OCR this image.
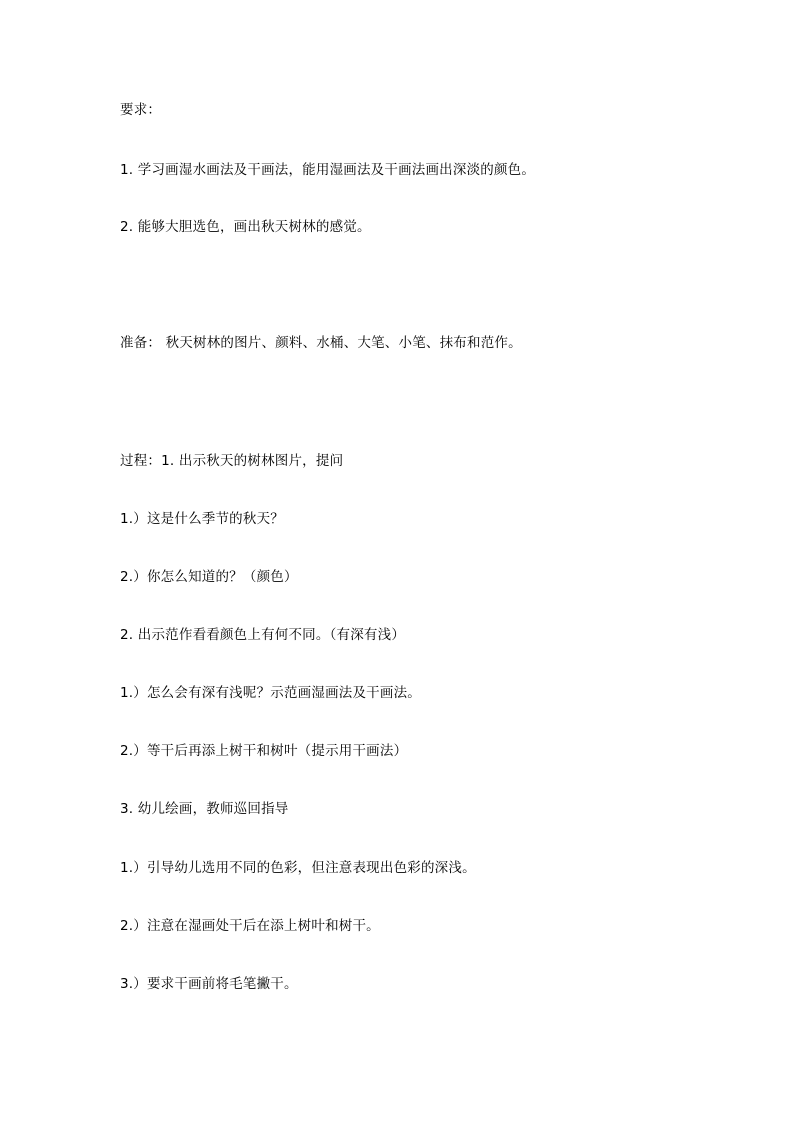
要求：
1. 学习画湿水画法及干画法，能用湿画法及干画法画出深淡的颜色。
2. 能够大胆选色，画出秋天树林的感觉。
准备： 秋天树林的图片、颜料、水桶、大笔、小笔、抹布和范作。
过程：1. 出示秋天的树林图片，提问
1.）这是什么季节的秋天？
2.）你怎么知道的？（颜色）
2. 出示范作看看颜色上有何不同。（有深有浅）
1.）怎么会有深有浅呢？示范画湿画法及干画法。
2.）等干后再添上树干和树叶（提示用干画法）
3. 幼儿绘画，教师巡回指导
1.）引导幼儿选用不同的色彩，但注意表现出色彩的深浅。
2.）注意在湿画处干后在添上树叶和树干。
3.）要求干画前将毛笔撇干。
